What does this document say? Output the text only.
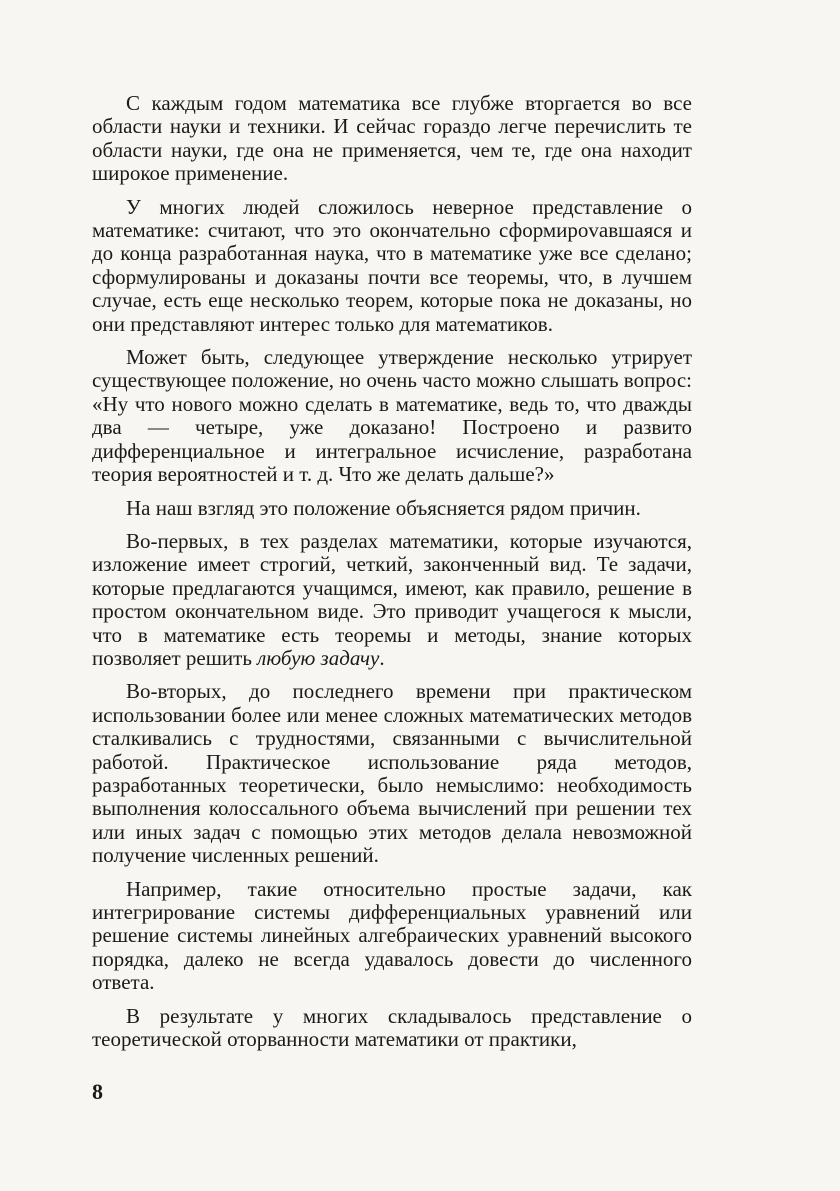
С каждым годом математика все глубже вторгается во все области науки и техники. И сейчас гораздо легче перечислить те области науки, где она не применяется, чем те, где она находит широкое применение.

У многих людей сложилось неверное представление о математике: считают, что это окончательно сформироvавшаяся и до конца разработанная наука, что в математике уже все сделано; сформулированы и доказаны почти все теоремы, что, в лучшем случае, есть еще несколько теорем, которые пока не доказаны, но они представляют интерес только для математиков.

Может быть, следующее утверждение несколько утрирует существующее положение, но очень часто можно слышать вопрос: «Ну что нового можно сделать в математике, ведь то, что дважды два — четыре, уже доказано! Построено и развито дифференциальное и интегральное исчисление, разработана теория вероятностей и т. д. Что же делать дальше?»

На наш взгляд это положение объясняется рядом причин.

Во-первых, в тех разделах математики, которые изучаются, изложение имеет строгий, четкий, законченный вид. Те задачи, которые предлагаются учащимся, имеют, как правило, решение в простом окончательном виде. Это приводит учащегося к мысли, что в математике есть теоремы и методы, знание которых позволяет решить любую задачу.

Во-вторых, до последнего времени при практическом использовании более или менее сложных математических методов сталкивались с трудностями, связанными с вычислительной работой. Практическое использование ряда методов, разработанных теоретически, было немыслимо: необходимость выполнения колоссального объема вычислений при решении тех или иных задач с помощью этих методов делала невозможной получение численных решений.

Например, такие относительно простые задачи, как интегрирование системы дифференциальных уравнений или решение системы линейных алгебраических уравнений высокого порядка, далеко не всегда удавалось довести до численного ответа.

В результате у многих складывалось представление о теоретической оторванности математики от практики,

8
